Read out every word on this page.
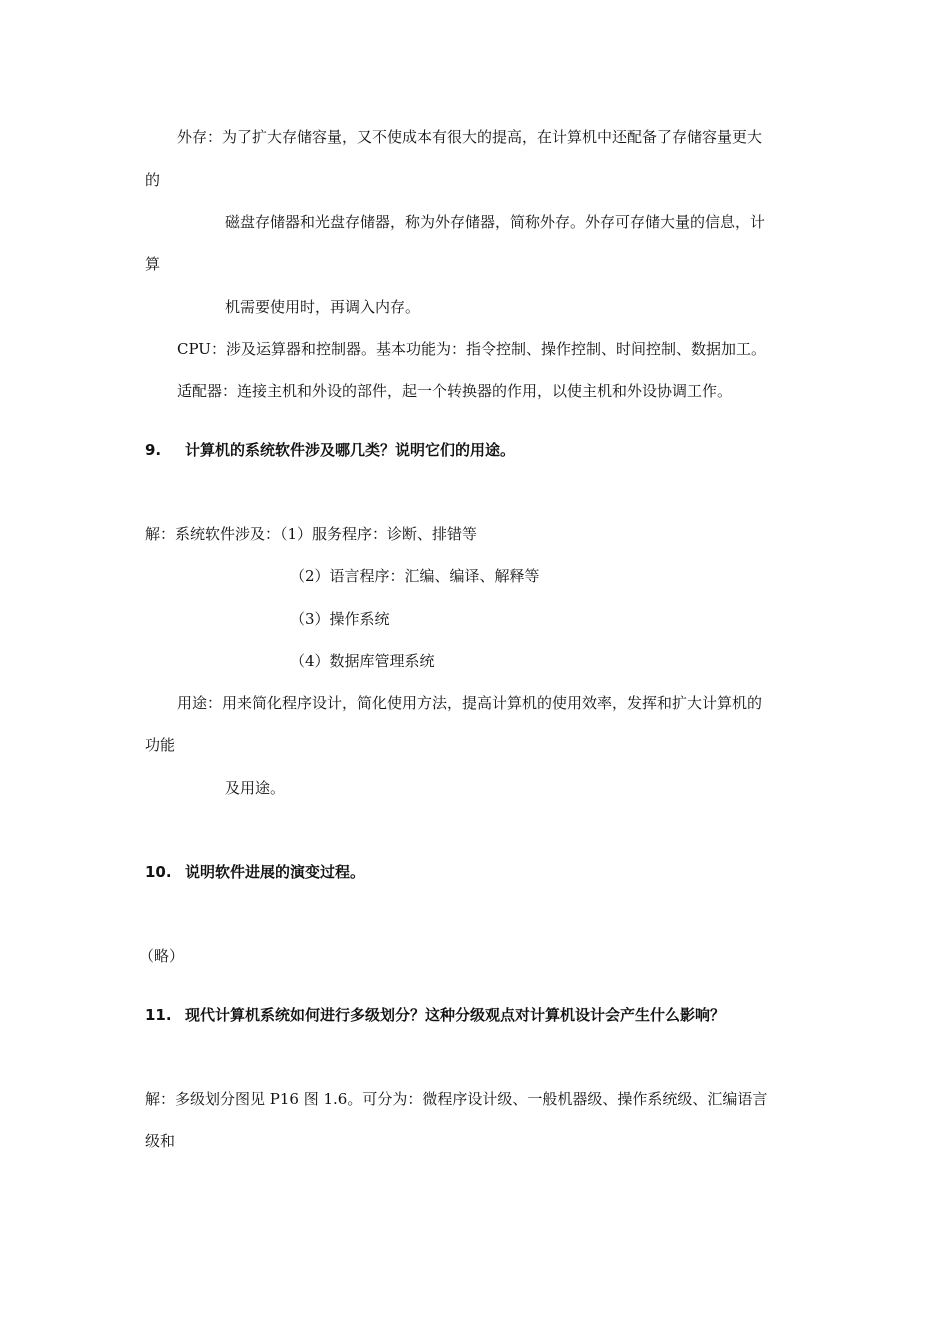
外存：为了扩大存储容量，又不使成本有很大的提高，在计算机中还配备了存储容量更大
的
磁盘存储器和光盘存储器，称为外存储器，简称外存。外存可存储大量的信息，计
算
机需要使用时，再调入内存。
CPU：涉及运算器和控制器。基本功能为：指令控制、操作控制、时间控制、数据加工。
适配器：连接主机和外设的部件，起一个转换器的作用，以使主机和外设协调工作。
9. 计算机的系统软件涉及哪几类？说明它们的用途。
解：系统软件涉及：（1）服务程序：诊断、排错等
（2）语言程序：汇编、编译、解释等
（3）操作系统
（4）数据库管理系统
用途：用来简化程序设计，简化使用方法，提高计算机的使用效率，发挥和扩大计算机的
功能
及用途。
10. 说明软件进展的演变过程。
（略）
11. 现代计算机系统如何进行多级划分？这种分级观点对计算机设计会产生什么影响？
解：多级划分图见 P16 图 1.6。可分为：微程序设计级、一般机器级、操作系统级、汇编语言
级和
